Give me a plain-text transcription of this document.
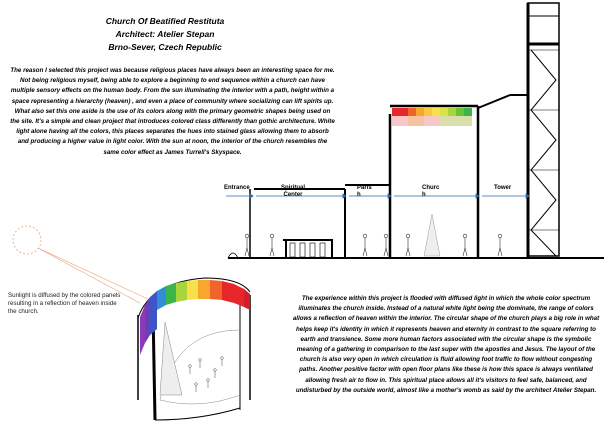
Church Of Beatified Restituta
Architect: Atelier Stepan
Brno-Sever, Czech Republic
The reason I selected this project was because religious places have always been an interesting space for me. Not being religious myself, being able to explore a beginning to end sequence within a church can have multiple sensory effects on the human body. From the sun illuminating the interior with a path, height within a space representing a hierarchy (heaven) , and even a place of community where socializing can lift spirits up. What also set this one aside is the use of its colors along with the primary geometric shapes being used on the site. It's a simple and clean project that introduces colored class differently than gothic architecture. White light alone having all the colors, this places separates the hues into stained glass allowing them to absorb and producing a higher value in light color. With the sun at noon, the interior of the church resembles the same color effect as James Turrell's Skyspace.
Entrance	Spiritual Center
Parish
Church
Tower
Sunlight is diffused by the colored panels resulting in a reflection of heaven inside the church.
The experience within this project is flooded with diffused light in which the whole color spectrum illuminates the church inside. Instead of a natural white light being the dominate, the range of colors allows a reflection of heaven within the interior. The circular shape of the church plays a big role in what helps keep it's identity in which it represents heaven and eternity in contrast to the square referring to earth and transience. Some more human factors associated with the circular shape is the symbolic meaning of a gathering in comparison to the last super with the apostles and Jesus. The layout of the church is also very open in which circulation is fluid allowing foot traffic to flow without congesting paths. Another positive factor with open floor plans like these is how this space is always ventilated allowing fresh air to flow in. This spiritual place allows all it's visitors to feel safe, balanced, and undisturbed by the outside world, almost like a mother's womb as said by the architect Atelier Stepan.
